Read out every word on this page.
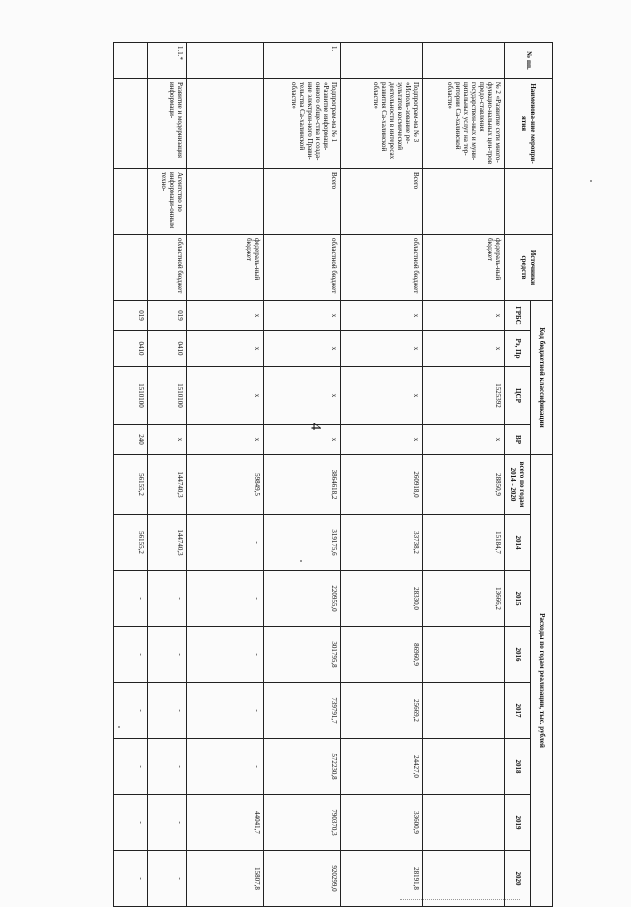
4
№ пп.	Наименова-ние меропри-ятия		Источники средств	Код бюджетной классификации				Расходы по годам реализации, тыс. рублей							
				ГРБС	Рз, Пр	ЦСР	ВР	всего по годам 2014 - 2020	2014	2015	2016	2017	2018	2019	2020
	№ 2 «Развитие сети много-функцио-нальных цен-тров предо-ставления государствен-ных и муни-ципальных услуг на тер-ритории Са-халинской области»		федераль-ный бюджет	х	х	1525392	х	28850,9	15184,7	13666,2					
	Подпрограм-ма № 3 «Исполь-зование ре-зультатов космической деятельности в интересах развития Са-халинской области»	Всего	областной бюджет	х	х	х	х	260918,0	33738,2	28330,0	86960,9	25669,2	24427,0	33600,9	28191,8
1.	Подпрограм-ма № 1 «Развитие информаци-онного обще-ства и созда-ние электрон-ного Прави-тельства Са-халинской области»	Всего	областной бюджет	х	х	х	х	3864618,2	319175,6	220955,0	301795,8	739791,7	572230,8	790370,3	920299,0
			федераль-ный бюджет	х	х	х	х	59849,5	-	-	-	-	-	44041,7	15807,8
1.1.*	Развитие и модернизация информаци-	Агентство по информаци-онным техно-	областной бюджет	019	0410	1510100	х	144740,3	144740,3	-	-	-	-	-	-
				019	0410	1510100	240	56155,2	56155,2	-	-	-	-	-	-
